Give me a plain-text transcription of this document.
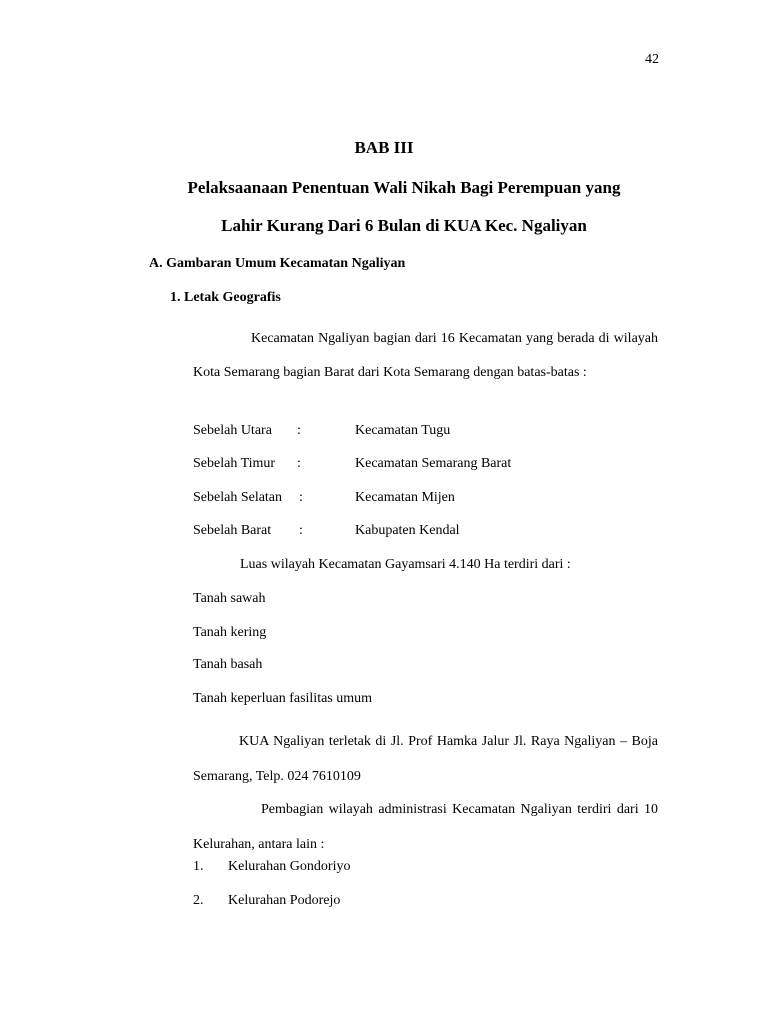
42
BAB III
Pelaksaanaan Penentuan Wali Nikah Bagi Perempuan yang
Lahir Kurang Dari 6 Bulan di KUA Kec. Ngaliyan
A. Gambaran Umum Kecamatan Ngaliyan
1. Letak Geografis
Kecamatan Ngaliyan bagian dari 16 Kecamatan yang berada di wilayah Kota Semarang bagian Barat dari Kota Semarang dengan batas-batas :
Sebelah Utara :	Kecamatan Tugu
Sebelah Timur :	Kecamatan Semarang Barat
Sebelah Selatan :	Kecamatan Mijen
Sebelah Barat :	Kabupaten Kendal
Luas wilayah Kecamatan Gayamsari 4.140 Ha terdiri dari :
Tanah sawah
Tanah kering
Tanah basah
Tanah keperluan fasilitas umum
KUA Ngaliyan terletak di Jl. Prof Hamka Jalur Jl. Raya Ngaliyan – Boja Semarang, Telp. 024 7610109
Pembagian wilayah administrasi Kecamatan Ngaliyan terdiri dari 10 Kelurahan, antara lain :
1. Kelurahan Gondoriyo
2. Kelurahan Podorejo
